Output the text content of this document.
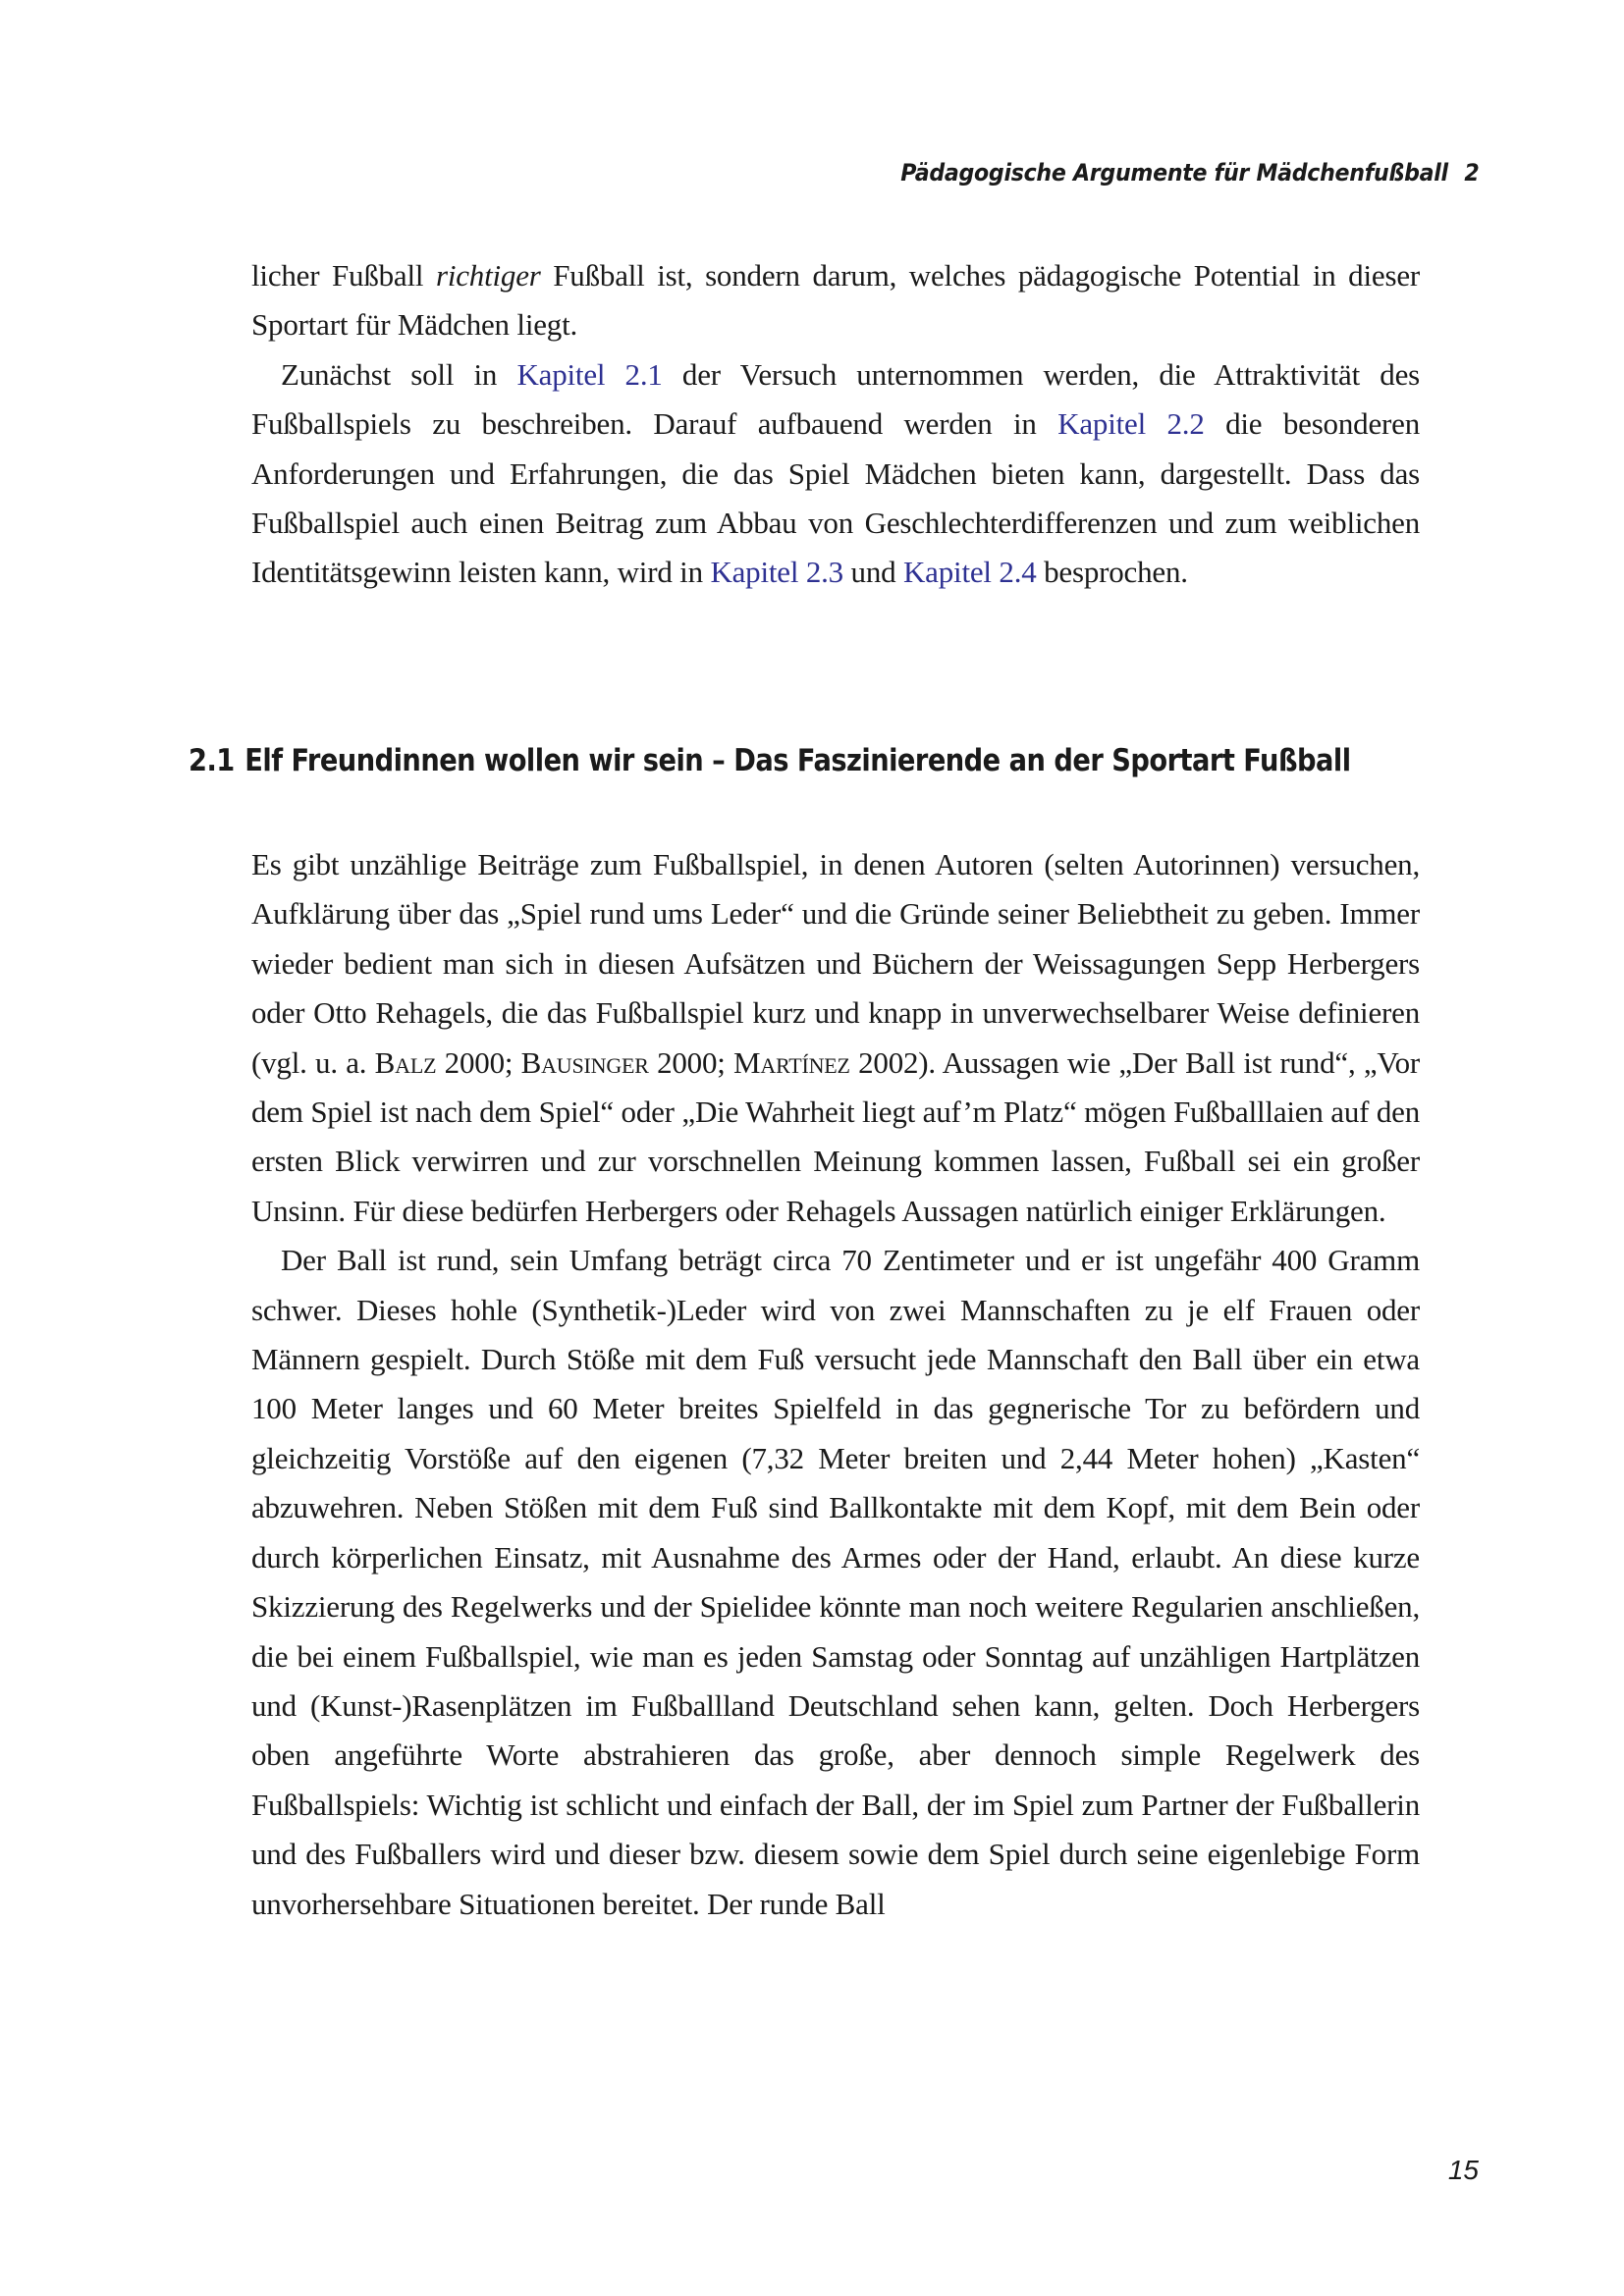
Pädagogische Argumente für Mädchenfußball 2

licher Fußball richtiger Fußball ist, sondern darum, welches pädagogische Potential in dieser Sportart für Mädchen liegt.

Zunächst soll in Kapitel 2.1 der Versuch unternommen werden, die Attraktivität des Fußballspiels zu beschreiben. Darauf aufbauend werden in Kapitel 2.2 die besonderen Anforderungen und Erfahrungen, die das Spiel Mädchen bieten kann, dargestellt. Dass das Fußballspiel auch einen Beitrag zum Abbau von Geschlechterdifferenzen und zum weiblichen Identitätsgewinn leisten kann, wird in Kapitel 2.3 und Kapitel 2.4 besprochen.

2.1 Elf Freundinnen wollen wir sein – Das Faszinierende an der Sportart Fußball

Es gibt unzählige Beiträge zum Fußballspiel, in denen Autoren (selten Autorinnen) versuchen, Aufklärung über das „Spiel rund ums Leder“ und die Gründe seiner Beliebtheit zu geben. Immer wieder bedient man sich in diesen Aufsätzen und Büchern der Weissagungen Sepp Herbergers oder Otto Rehagels, die das Fußballspiel kurz und knapp in unverwechselbarer Weise definieren (vgl. u. a. Balz 2000; Bausinger 2000; Martínez 2002). Aussagen wie „Der Ball ist rund“, „Vor dem Spiel ist nach dem Spiel“ oder „Die Wahrheit liegt auf’m Platz“ mögen Fußballlaien auf den ersten Blick verwirren und zur vorschnellen Meinung kommen lassen, Fußball sei ein großer Unsinn. Für diese bedürfen Herbergers oder Rehagels Aussagen natürlich einiger Erklärungen.

Der Ball ist rund, sein Umfang beträgt circa 70 Zentimeter und er ist ungefähr 400 Gramm schwer. Dieses hohle (Synthetik-)Leder wird von zwei Mannschaften zu je elf Frauen oder Männern gespielt. Durch Stöße mit dem Fuß versucht jede Mannschaft den Ball über ein etwa 100 Meter langes und 60 Meter breites Spielfeld in das gegnerische Tor zu befördern und gleichzeitig Vorstöße auf den eigenen (7,32 Meter breiten und 2,44 Meter hohen) „Kasten“ abzuwehren. Neben Stößen mit dem Fuß sind Ballkontakte mit dem Kopf, mit dem Bein oder durch körperlichen Einsatz, mit Ausnahme des Armes oder der Hand, erlaubt. An diese kurze Skizzierung des Regelwerks und der Spielidee könnte man noch weitere Regularien anschließen, die bei einem Fußballspiel, wie man es jeden Samstag oder Sonntag auf unzähligen Hartplätzen und (Kunst-)Rasenplätzen im Fußballland Deutschland sehen kann, gelten. Doch Herbergers oben angeführte Worte abstrahieren das große, aber dennoch simple Regelwerk des Fußballspiels: Wichtig ist schlicht und einfach der Ball, der im Spiel zum Partner der Fußballerin und des Fußballers wird und dieser bzw. diesem sowie dem Spiel durch seine eigenlebige Form unvorhersehbare Situationen bereitet. Der runde Ball

15
